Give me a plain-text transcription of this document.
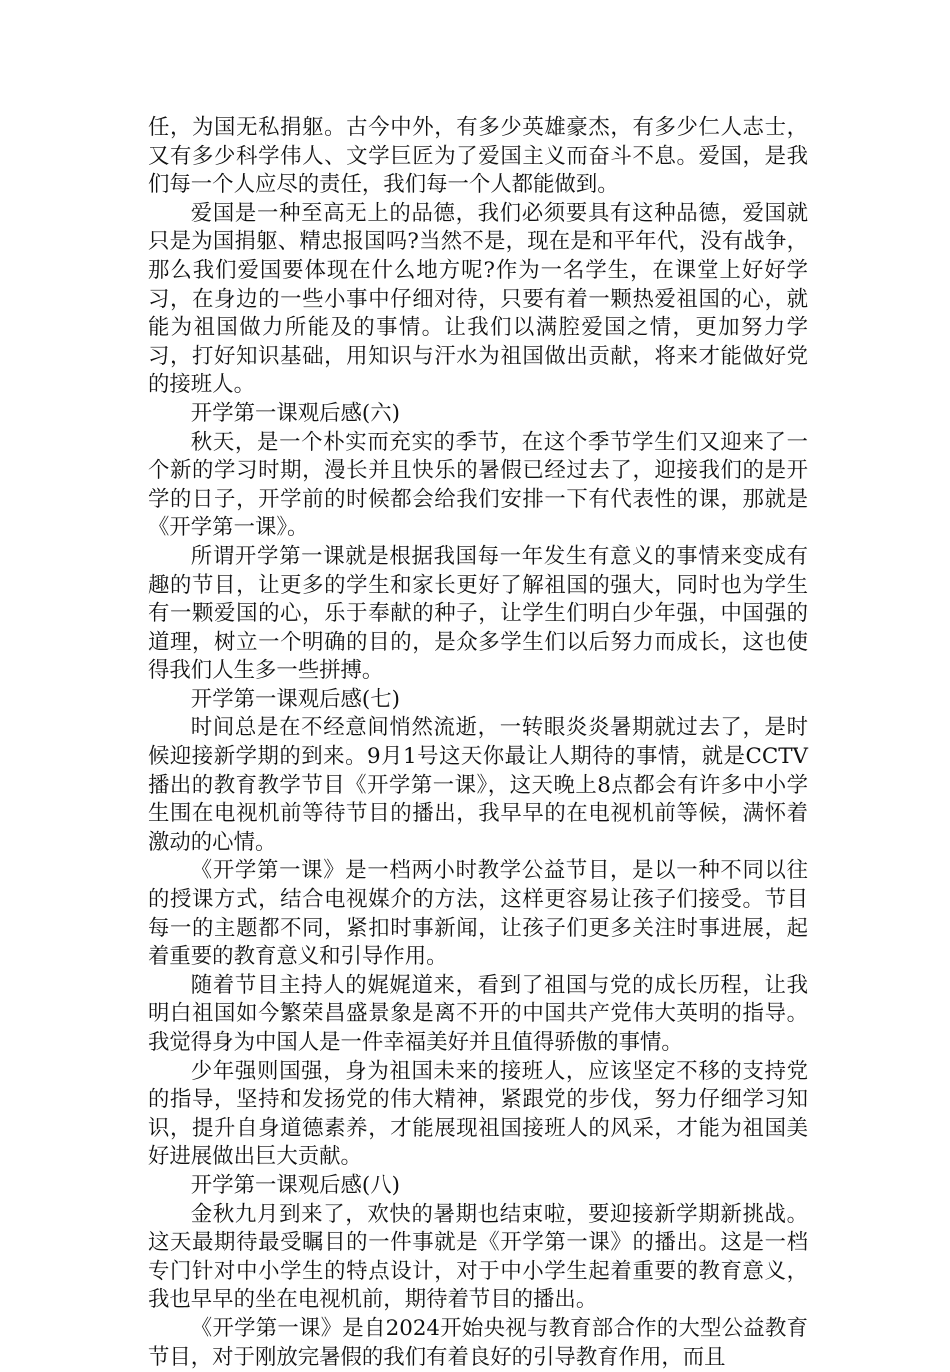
任，为国无私捐躯。古今中外，有多少英雄豪杰，有多少仁人志士，又有多少科学伟人、文学巨匠为了爱国主义而奋斗不息。爱国，是我们每一个人应尽的责任，我们每一个人都能做到。

爱国是一种至高无上的品德，我们必须要具有这种品德，爱国就只是为国捐躯、精忠报国吗?当然不是，现在是和平年代，没有战争，那么我们爱国要体现在什么地方呢?作为一名学生，在课堂上好好学习，在身边的一些小事中仔细对待，只要有着一颗热爱祖国的心，就能为祖国做力所能及的事情。让我们以满腔爱国之情，更加努力学习，打好知识基础，用知识与汗水为祖国做出贡献，将来才能做好党的接班人。

开学第一课观后感(六)

秋天，是一个朴实而充实的季节，在这个季节学生们又迎来了一个新的学习时期，漫长并且快乐的暑假已经过去了，迎接我们的是开学的日子，开学前的时候都会给我们安排一下有代表性的课，那就是《开学第一课》。

所谓开学第一课就是根据我国每一年发生有意义的事情来变成有趣的节目，让更多的学生和家长更好了解祖国的强大，同时也为学生有一颗爱国的心，乐于奉献的种子，让学生们明白少年强，中国强的道理，树立一个明确的目的，是众多学生们以后努力而成长，这也使得我们人生多一些拼搏。

开学第一课观后感(七)

时间总是在不经意间悄然流逝，一转眼炎炎暑期就过去了，是时候迎接新学期的到来。9月1号这天你最让人期待的事情，就是CCTV播出的教育教学节目《开学第一课》，这天晚上8点都会有许多中小学生围在电视机前等待节目的播出，我早早的在电视机前等候，满怀着激动的心情。

《开学第一课》是一档两小时教学公益节目，是以一种不同以往的授课方式，结合电视媒介的方法，这样更容易让孩子们接受。节目每一的主题都不同，紧扣时事新闻，让孩子们更多关注时事进展，起着重要的教育意义和引导作用。

随着节目主持人的娓娓道来，看到了祖国与党的成长历程，让我明白祖国如今繁荣昌盛景象是离不开的中国共产党伟大英明的指导。我觉得身为中国人是一件幸福美好并且值得骄傲的事情。

少年强则国强，身为祖国未来的接班人，应该坚定不移的支持党的指导，坚持和发扬党的伟大精神，紧跟党的步伐，努力仔细学习知识，提升自身道德素养，才能展现祖国接班人的风采，才能为祖国美好进展做出巨大贡献。

开学第一课观后感(八)

金秋九月到来了，欢快的暑期也结束啦，要迎接新学期新挑战。这天最期待最受瞩目的一件事就是《开学第一课》的播出。这是一档专门针对中小学生的特点设计，对于中小学生起着重要的教育意义，我也早早的坐在电视机前，期待着节目的播出。

《开学第一课》是自2024开始央视与教育部合作的大型公益教育节目，对于刚放完暑假的我们有着良好的引导教育作用，而且
